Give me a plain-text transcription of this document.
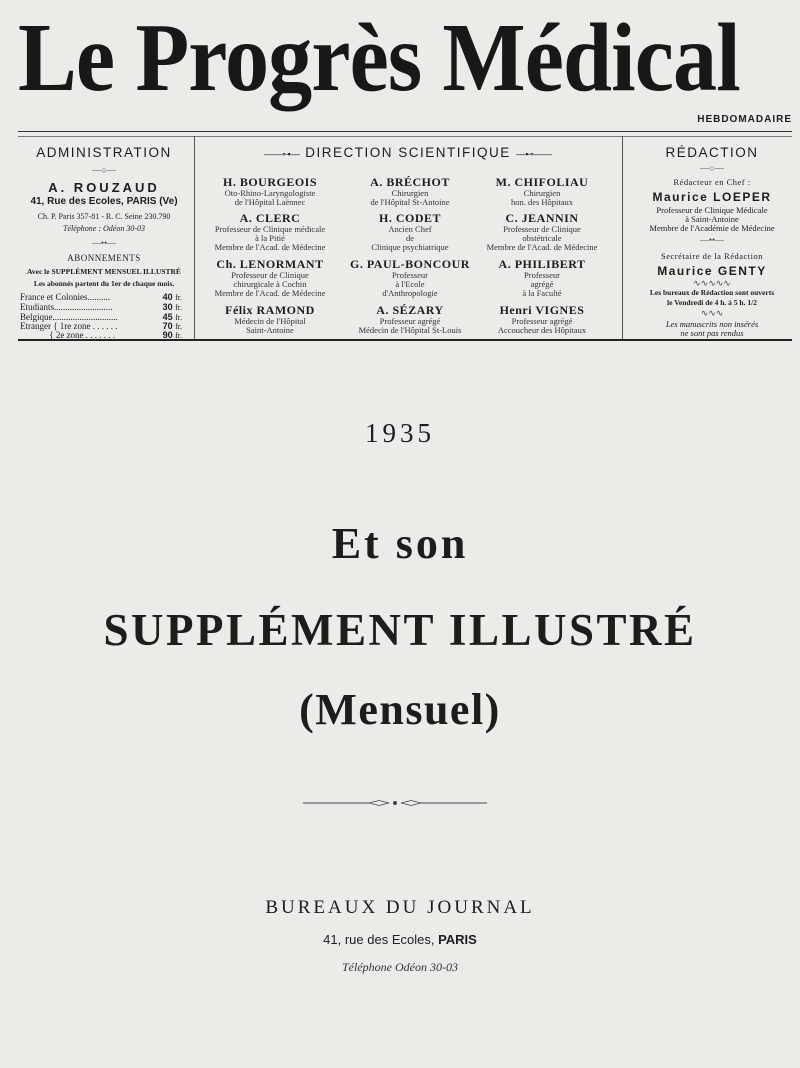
Le Progrès Médical
HEBDOMADAIRE
ADMINISTRATION
—○—
A. ROUZAUD
41, Rue des Ecoles, PARIS (Ve)
Ch. P. Paris 357-81 - R. C. Seine 230.790
Téléphone : Odéon 30-03
—••—
ABONNEMENTS
Avec le SUPPLÉMENT MENSUEL ILLUSTRÉ
Les abonnés partent du 1er de chaque mois.
France et Colonies..........	40 fr.
Etudiants..........................	30 fr.
Belgique.............................	45 fr.
Etranger { 1re zone . . . . . .	70 fr.
{ 2e zone . . . . . . .	90 fr.
——⊶— DIRECTION SCIENTIFIQUE —⊷——
H. BOURGEOIS
Oto-Rhino-Laryngologiste
de l'Hôpital Laënnec
A. BRÉCHOT
Chirurgien
de l'Hôpital St-Antoine
M. CHIFOLIAU
Chirurgien
hon. des Hôpitaux
A. CLERC
Professeur de Clinique médicale
à la Pitié
Membre de l'Acad. de Médecine
H. CODET
Ancien Chef
de
Clinique psychiatrique
C. JEANNIN
Professeur de Clinique
obstétricale
Membre de l'Acad. de Médecine
Ch. LENORMANT
Professeur de Clinique
chirurgicale à Cochin
Membre de l'Acad. de Médecine
G. PAUL-BONCOUR
Professeur
à l'Ecole
d'Anthropologie
A. PHILIBERT
Professeur
agrégé
à la Faculté
Félix RAMOND
Médecin de l'Hôpital
Saint-Antoine
A. SÉZARY
Professeur agrégé
Médecin de l'Hôpital St-Louis
Henri VIGNES
Professeur agrégé
Accoucheur des Hôpitaux
RÉDACTION
—○—
Rédacteur en Chef :
Maurice LOEPER
Professeur de Clinique Médicale
à Saint-Antoine
Membre de l'Académie de Médecine
—••—
Secrétaire de la Rédaction
Maurice GENTY
∿∿∿∿∿
Les bureaux de Rédaction sont ouverts
le Vendredi de 4 h. à 5 h. 1/2
∿∿∿
Les manuscrits non insérés
ne sont pas rendus
1935
Et son
SUPPLÉMENT ILLUSTRÉ
(Mensuel)
BUREAUX DU JOURNAL
41, rue des Ecoles, PARIS
Téléphone Odéon 30-03
